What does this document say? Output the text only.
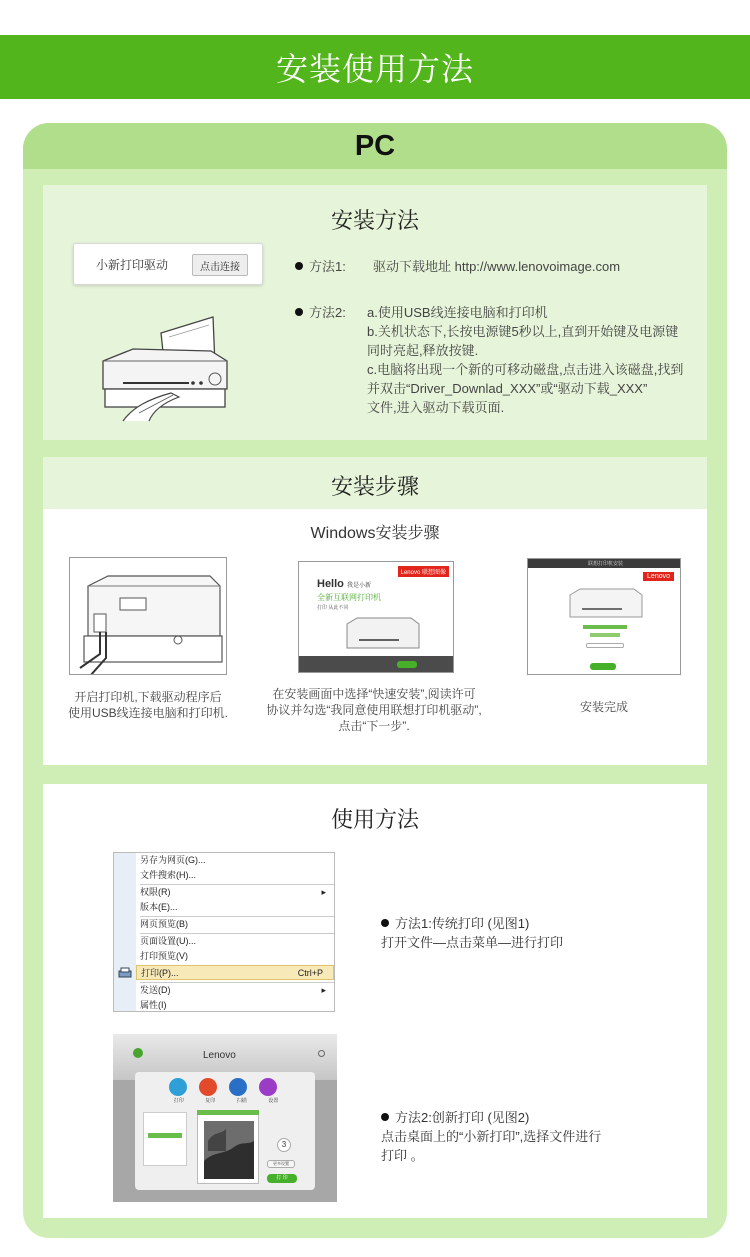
安装使用方法
PC
安装方法
小新打印驱动	点击连接	方法1: 驱动下载地址 http://www.lenovoimage.com
方法2: a.使用USB线连接电脑和打印机
b.关机状态下,长按电源键5秒以上,直到开始键及电源键
同时亮起,释放按键.
c.电脑将出现一个新的可移动磁盘,点击进入该磁盘,找到
并双击“Driver_Downlad_XXX”或“驱动下载_XXX”
文件,进入驱动下载页面.
安装步骤
Windows安装步骤
开启打印机,下载驱动程序后
使用USB线连接电脑和打印机.
Lenovo 联想图像
Hello 我是小新
全新互联网打印机
打印 从此不同
在安装画面中选择“快速安装”,阅读许可
协议并勾选“我同意使用联想打印机驱动”,
点击“下一步”.
联想打印机安装
Lenovo
安装完成
使用方法
另存为网页(G)...
文件搜索(H)...
权限(R)	▸
版本(E)...
网页预览(B)
页面设置(U)...
打印预览(V)
打印(P)...	Ctrl+P
发送(D)	▸
属性(I)
方法1:传统打印 (见图1)
打开文件—点击菜单—进行打印
Lenovo
打印	复印	扫描	设置
3
更多设置
打 印
方法2:创新打印 (见图2)
点击桌面上的“小新打印”,选择文件进行
打印 。
